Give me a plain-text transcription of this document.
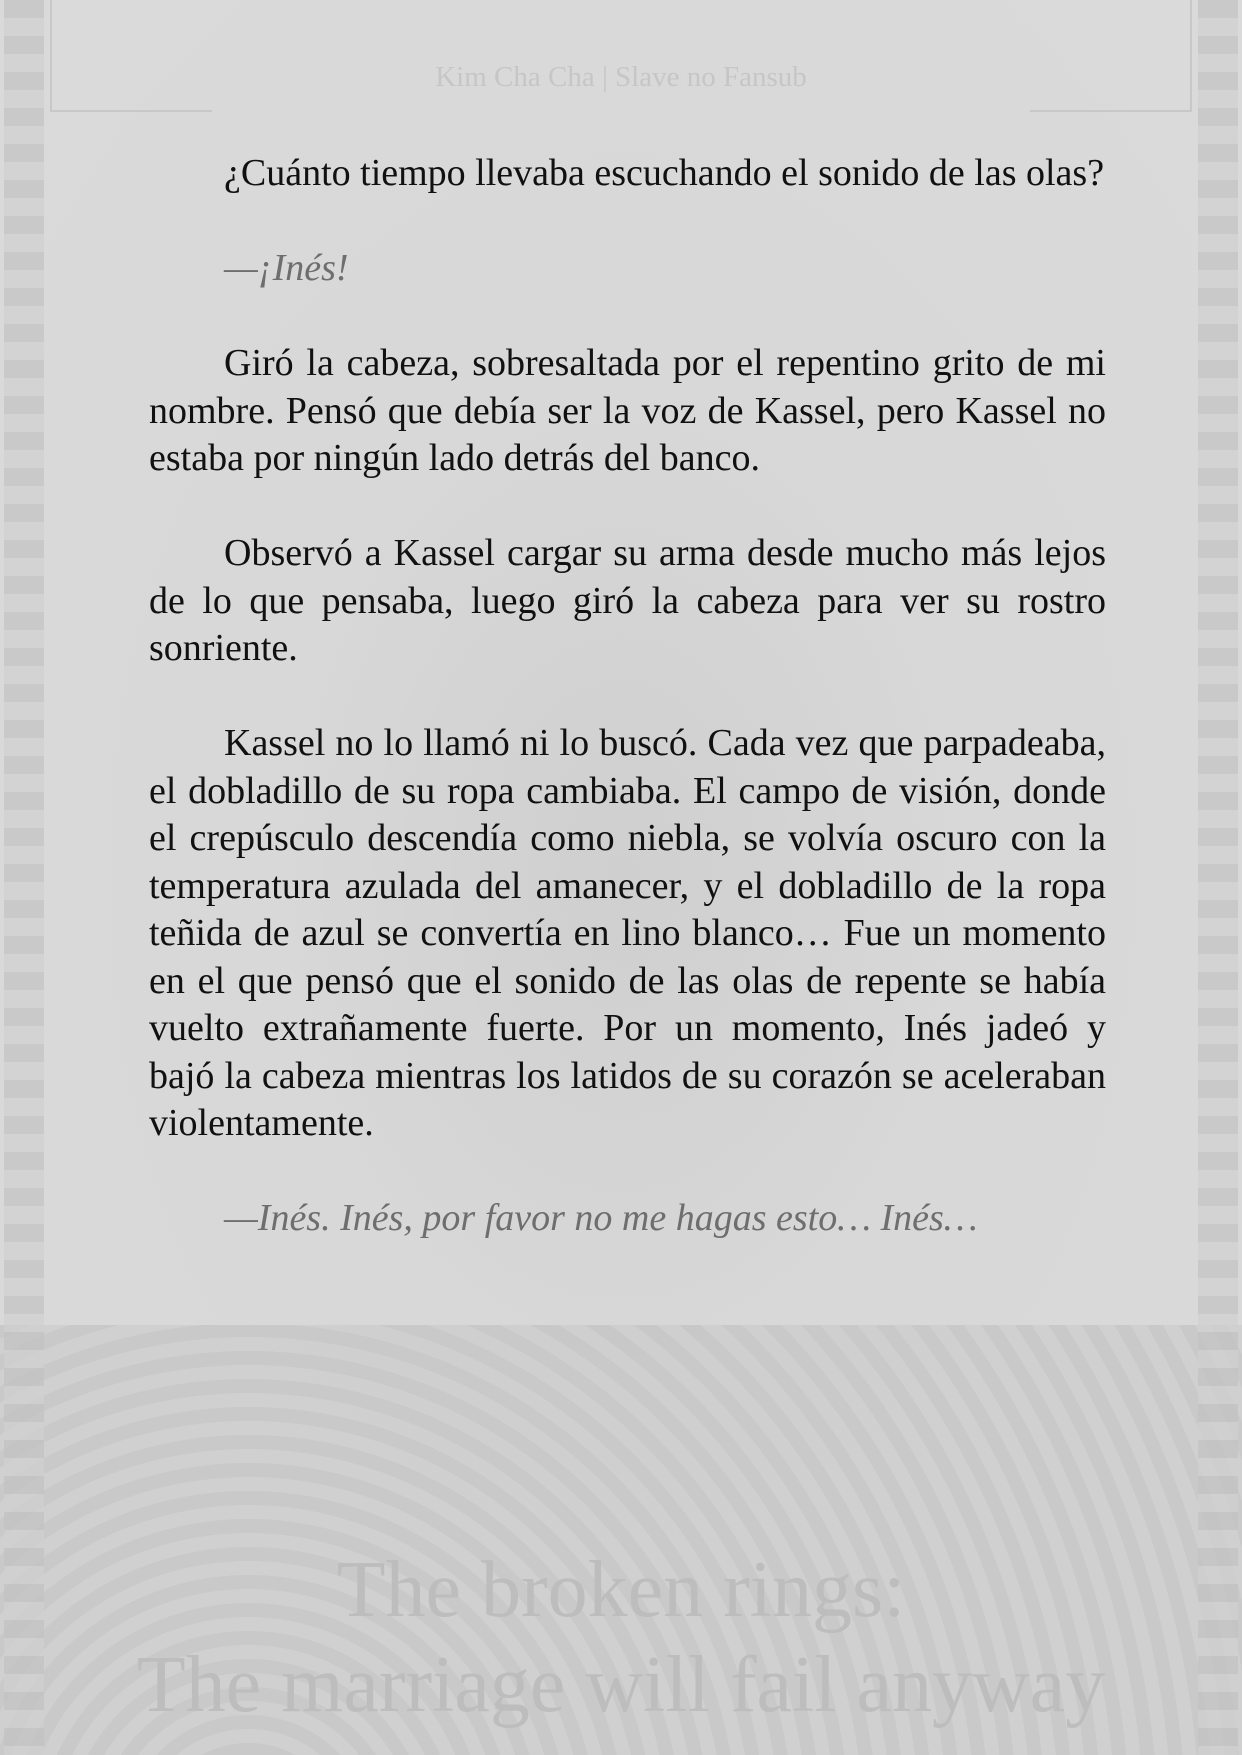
Kim Cha Cha | Slave no Fansub

¿Cuánto tiempo llevaba escuchando el sonido de las olas?

—¡Inés!

Giró la cabeza, sobresaltada por el repentino grito de mi nombre. Pensó que debía ser la voz de Kassel, pero Kassel no estaba por ningún lado detrás del banco.

Observó a Kassel cargar su arma desde mucho más lejos de lo que pensaba, luego giró la cabeza para ver su rostro sonriente.

Kassel no lo llamó ni lo buscó. Cada vez que parpadeaba, el dobladillo de su ropa cambiaba. El campo de visión, donde el crepúsculo descendía como niebla, se volvía oscuro con la temperatura azulada del amanecer, y el dobladillo de la ropa teñida de azul se convertía en lino blanco… Fue un momento en el que pensó que el sonido de las olas de repente se había vuelto extrañamente fuerte. Por un momento, Inés jadeó y bajó la cabeza mientras los latidos de su corazón se aceleraban violentamente.

—Inés. Inés, por favor no me hagas esto… Inés…

The broken rings:
The marriage will fail anyway
